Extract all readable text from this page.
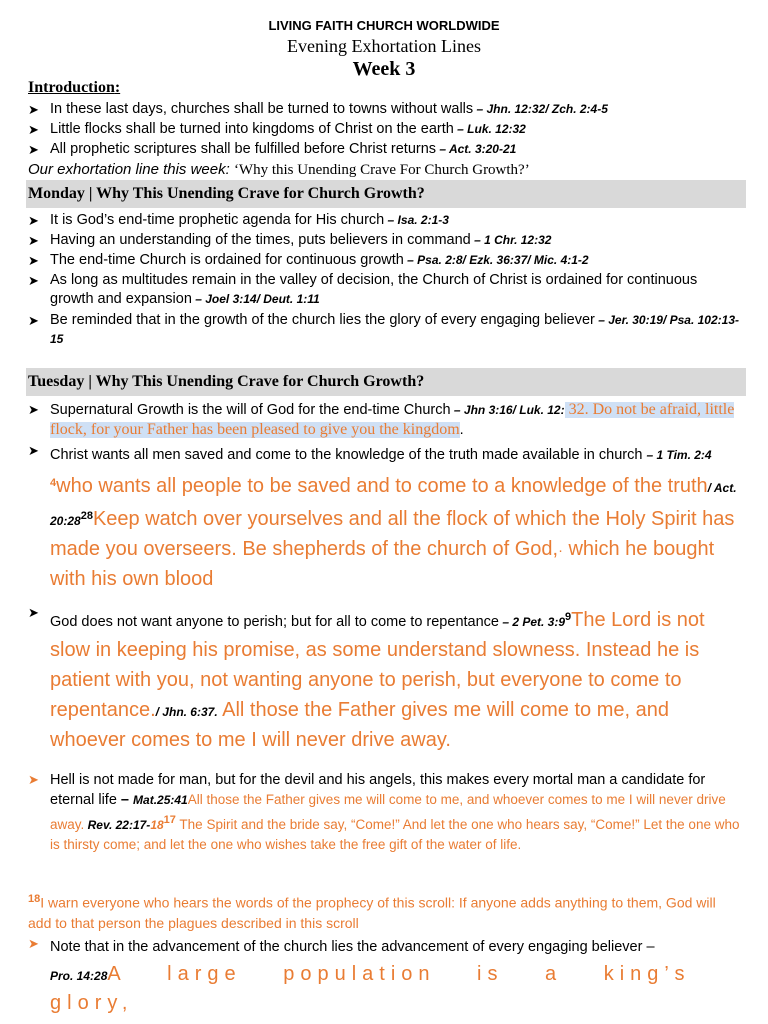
LIVING FAITH CHURCH WORLDWIDE
Evening Exhortation Lines
Week 3
Introduction:
➤ In these last days, churches shall be turned to towns without walls – Jhn. 12:32/ Zch. 2:4-5
➤ Little flocks shall be turned into kingdoms of Christ on the earth – Luk. 12:32
➤ All prophetic scriptures shall be fulfilled before Christ returns – Act. 3:20-21
Our exhortation line this week: ‘Why this Unending Crave For Church Growth?’
Monday | Why This Unending Crave for Church Growth?
➤ It is God’s end-time prophetic agenda for His church – Isa. 2:1-3
➤ Having an understanding of the times, puts believers in command – 1 Chr. 12:32
➤ The end-time Church is ordained for continuous growth – Psa. 2:8/ Ezk. 36:37/ Mic. 4:1-2
➤ As long as multitudes remain in the valley of decision, the Church of Christ is ordained for continuous growth and expansion – Joel 3:14/ Deut. 1:11
➤ Be reminded that in the growth of the church lies the glory of every engaging believer – Jer. 30:19/ Psa. 102:13-15
Tuesday | Why This Unending Crave for Church Growth?
➤ Supernatural Growth is the will of God for the end-time Church – Jhn 3:16/ Luk. 12: 32. Do not be afraid, little flock, for your Father has been pleased to give you the kingdom.
➤ Christ wants all men saved and come to the knowledge of the truth made available in church – 1 Tim. 2:4 $^4$who wants all people to be saved and to come to a knowledge of the truth/ Act. $20:28^{28}Keep$ watch over yourselves and all the flock of which the Holy Spirit has made you overseers. Be shepherds of the church of God,· which he bought with his own blood
➤
God does not want anyone to perish; but for all to come to repentance – 2 Pet. $3:9^9The$ Lord is not slow in keeping his promise, as some understand slowness. Instead he is patient with you, not wanting anyone to perish, but everyone to come to repentance./ Jhn. 6:37. All those the Father gives me will come to me, and whoever comes to me I will never drive away.
➤ Hell is not made for man, but for the devil and his angels, this makes every mortal man a candidate for eternal life – Mat.25:41All those the Father gives me will come to me, and whoever comes to me I will never drive away. Rev. $22:17-18^{17}$ The Spirit and the bride say, “Come!” And let the one who hears say, “Come!” Let the one who is thirsty come; and let the one who wishes take the free gift of the water of life.
$^{18}$I warn everyone who hears the words of the prophecy of this scroll: If anyone adds anything to them, God will add to that person the plagues described in this scroll
➤ Note that in the advancement of the church lies the advancement of every engaging believer –
Pro. 14:28A large population is a king’s glory,
